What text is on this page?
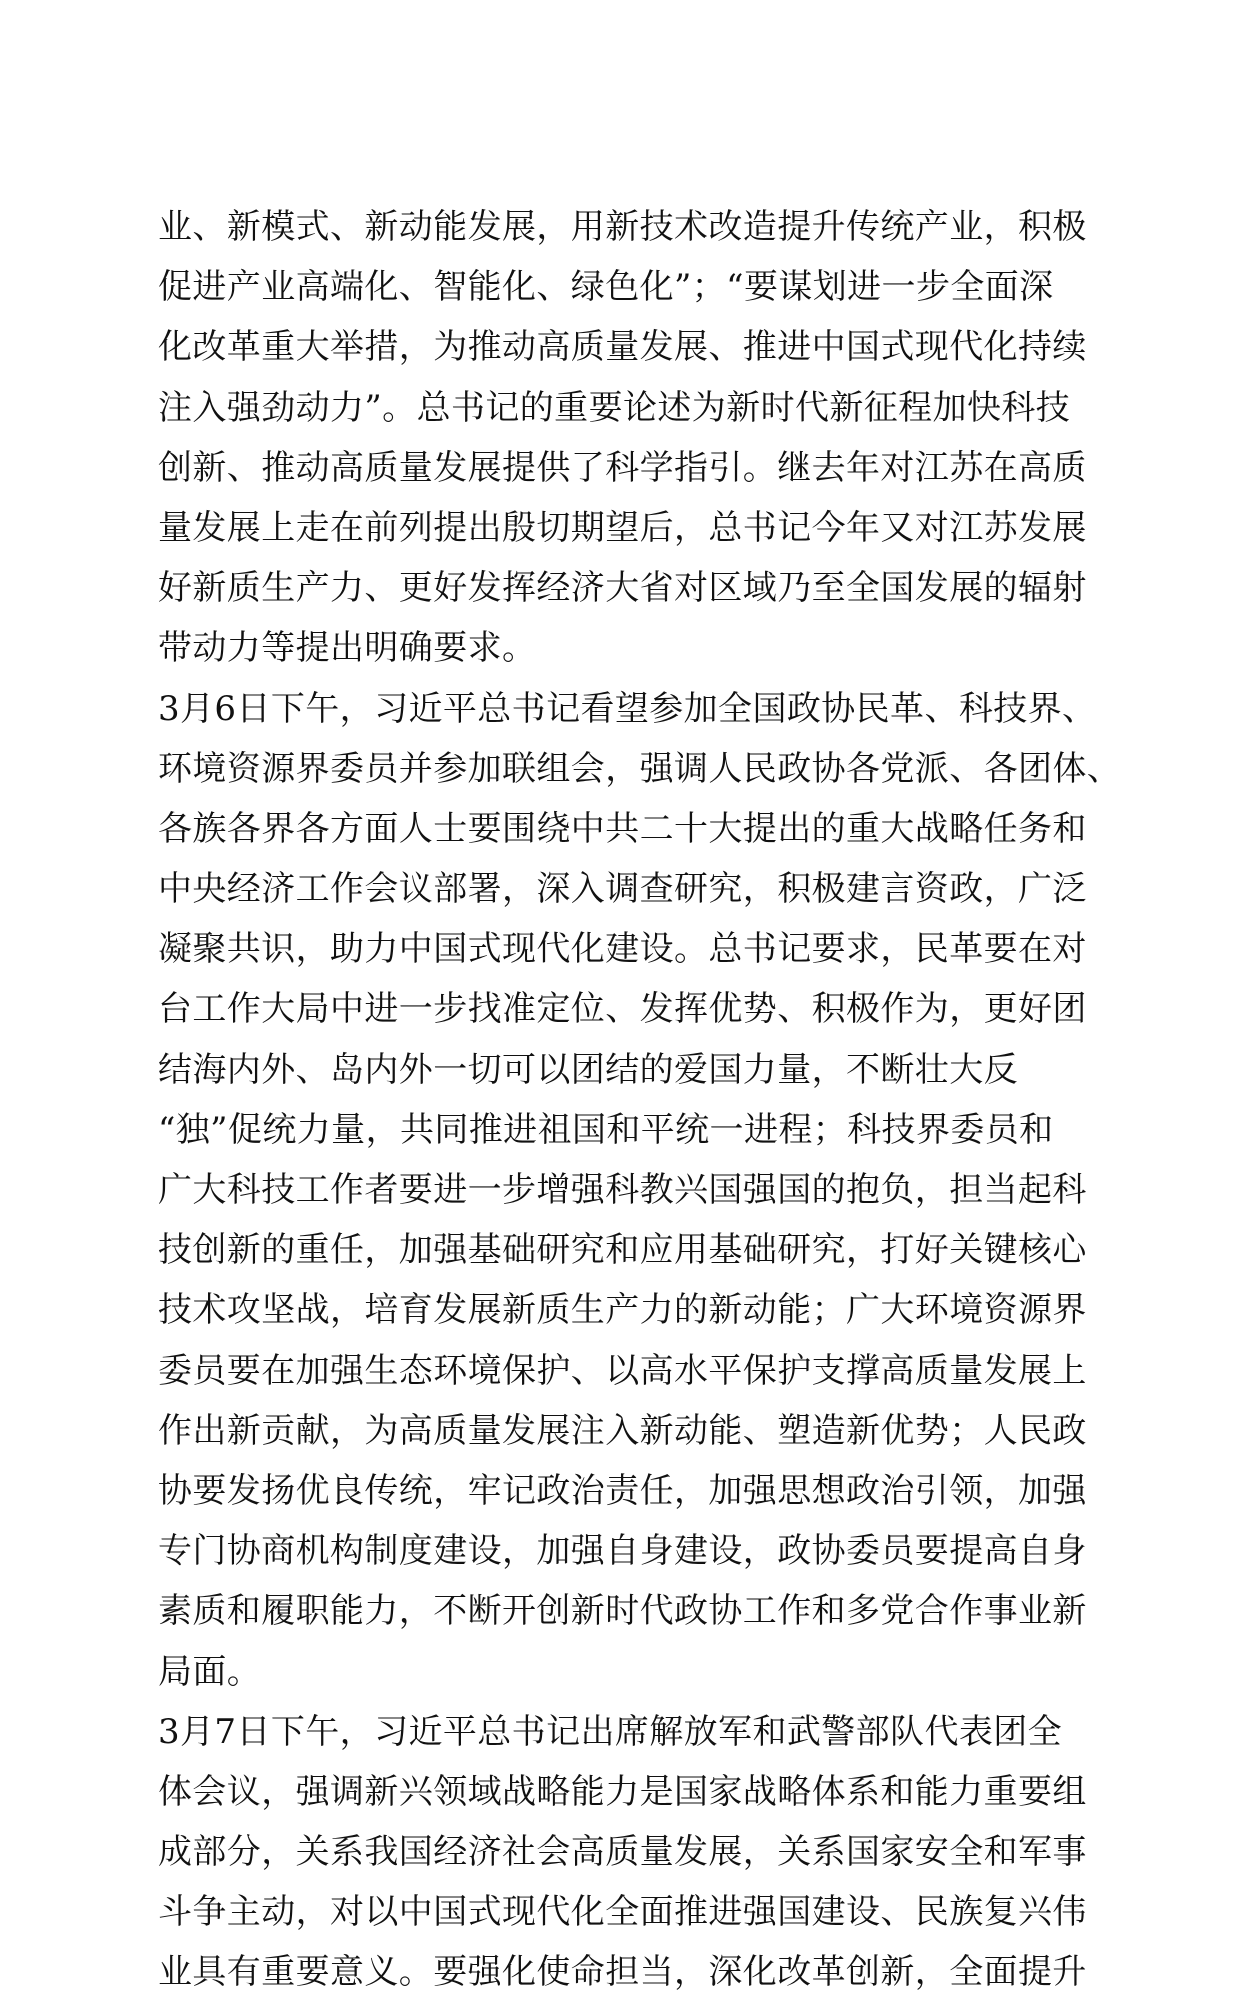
业、新模式、新动能发展，用新技术改造提升传统产业，积极
促进产业高端化、智能化、绿色化”；“要谋划进一步全面深
化改革重大举措，为推动高质量发展、推进中国式现代化持续
注入强劲动力”。总书记的重要论述为新时代新征程加快科技
创新、推动高质量发展提供了科学指引。继去年对江苏在高质
量发展上走在前列提出殷切期望后，总书记今年又对江苏发展
好新质生产力、更好发挥经济大省对区域乃至全国发展的辐射
带动力等提出明确要求。
3月6日下午，习近平总书记看望参加全国政协民革、科技界、
环境资源界委员并参加联组会，强调人民政协各党派、各团体、
各族各界各方面人士要围绕中共二十大提出的重大战略任务和
中央经济工作会议部署，深入调查研究，积极建言资政，广泛
凝聚共识，助力中国式现代化建设。总书记要求，民革要在对
台工作大局中进一步找准定位、发挥优势、积极作为，更好团
结海内外、岛内外一切可以团结的爱国力量，不断壮大反
“独”促统力量，共同推进祖国和平统一进程；科技界委员和
广大科技工作者要进一步增强科教兴国强国的抱负，担当起科
技创新的重任，加强基础研究和应用基础研究，打好关键核心
技术攻坚战，培育发展新质生产力的新动能；广大环境资源界
委员要在加强生态环境保护、以高水平保护支撑高质量发展上
作出新贡献，为高质量发展注入新动能、塑造新优势；人民政
协要发扬优良传统，牢记政治责任，加强思想政治引领，加强
专门协商机构制度建设，加强自身建设，政协委员要提高自身
素质和履职能力，不断开创新时代政协工作和多党合作事业新
局面。
3月7日下午，习近平总书记出席解放军和武警部队代表团全
体会议，强调新兴领域战略能力是国家战略体系和能力重要组
成部分，关系我国经济社会高质量发展，关系国家安全和军事
斗争主动，对以中国式现代化全面推进强国建设、民族复兴伟
业具有重要意义。要强化使命担当，深化改革创新，全面提升
